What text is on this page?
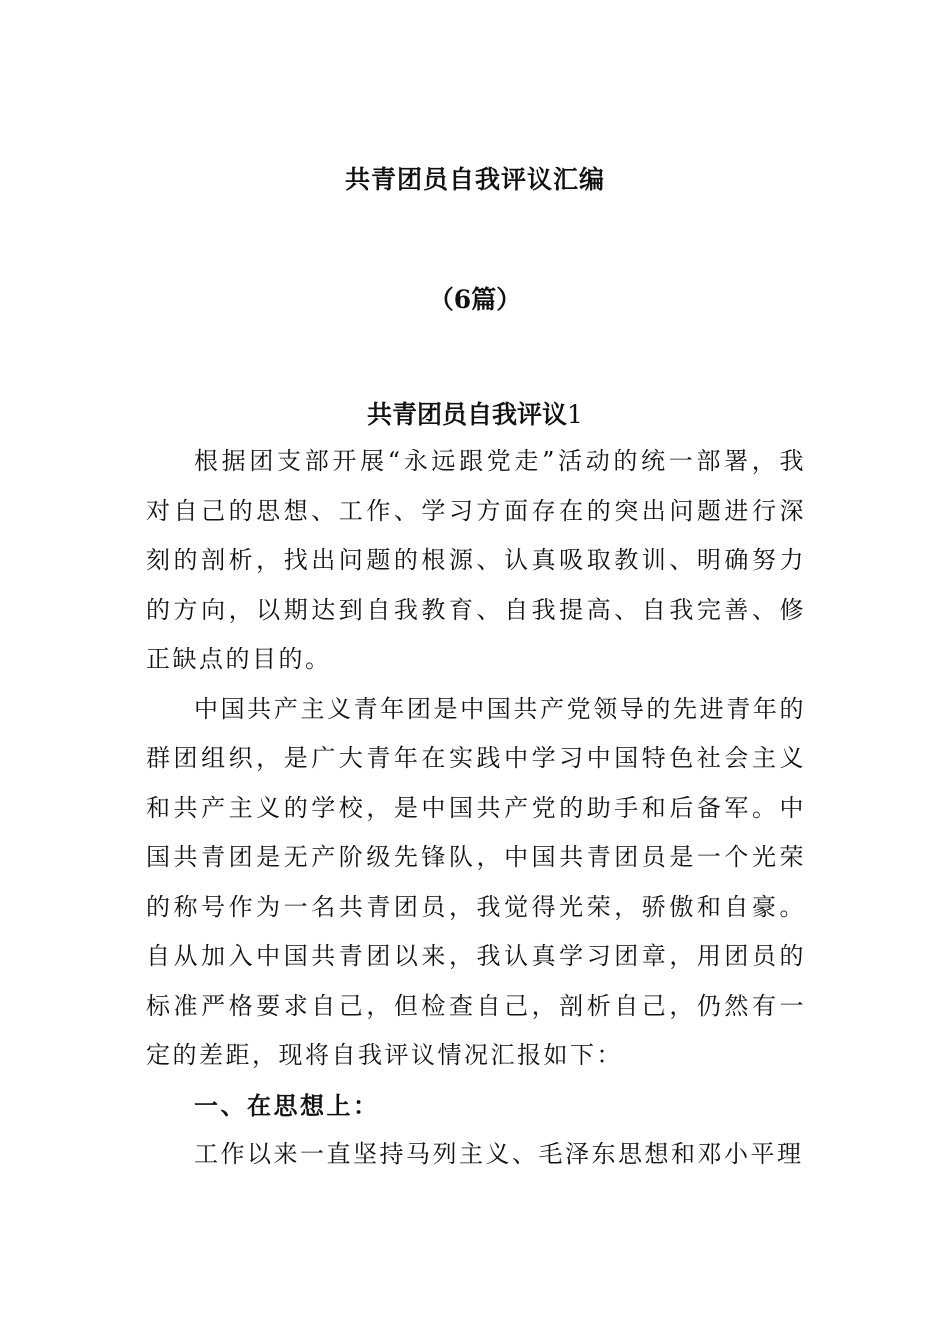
共青团员自我评议汇编
（6篇）
共青团员自我评议1

根据团支部开展“永远跟党走”活动的统一部署，我对自己的思想、工作、学习方面存在的突出问题进行深刻的剖析，找出问题的根源、认真吸取教训、明确努力的方向，以期达到自我教育、自我提高、自我完善、修正缺点的目的。

中国共产主义青年团是中国共产党领导的先进青年的群团组织，是广大青年在实践中学习中国特色社会主义和共产主义的学校，是中国共产党的助手和后备军。中国共青团是无产阶级先锋队，中国共青团员是一个光荣的称号作为一名共青团员，我觉得光荣，骄傲和自豪。自从加入中国共青团以来，我认真学习团章，用团员的标准严格要求自己，但检查自己，剖析自己，仍然有一定的差距，现将自我评议情况汇报如下：

一、在思想上：

工作以来一直坚持马列主义、毛泽东思想和邓小平理
